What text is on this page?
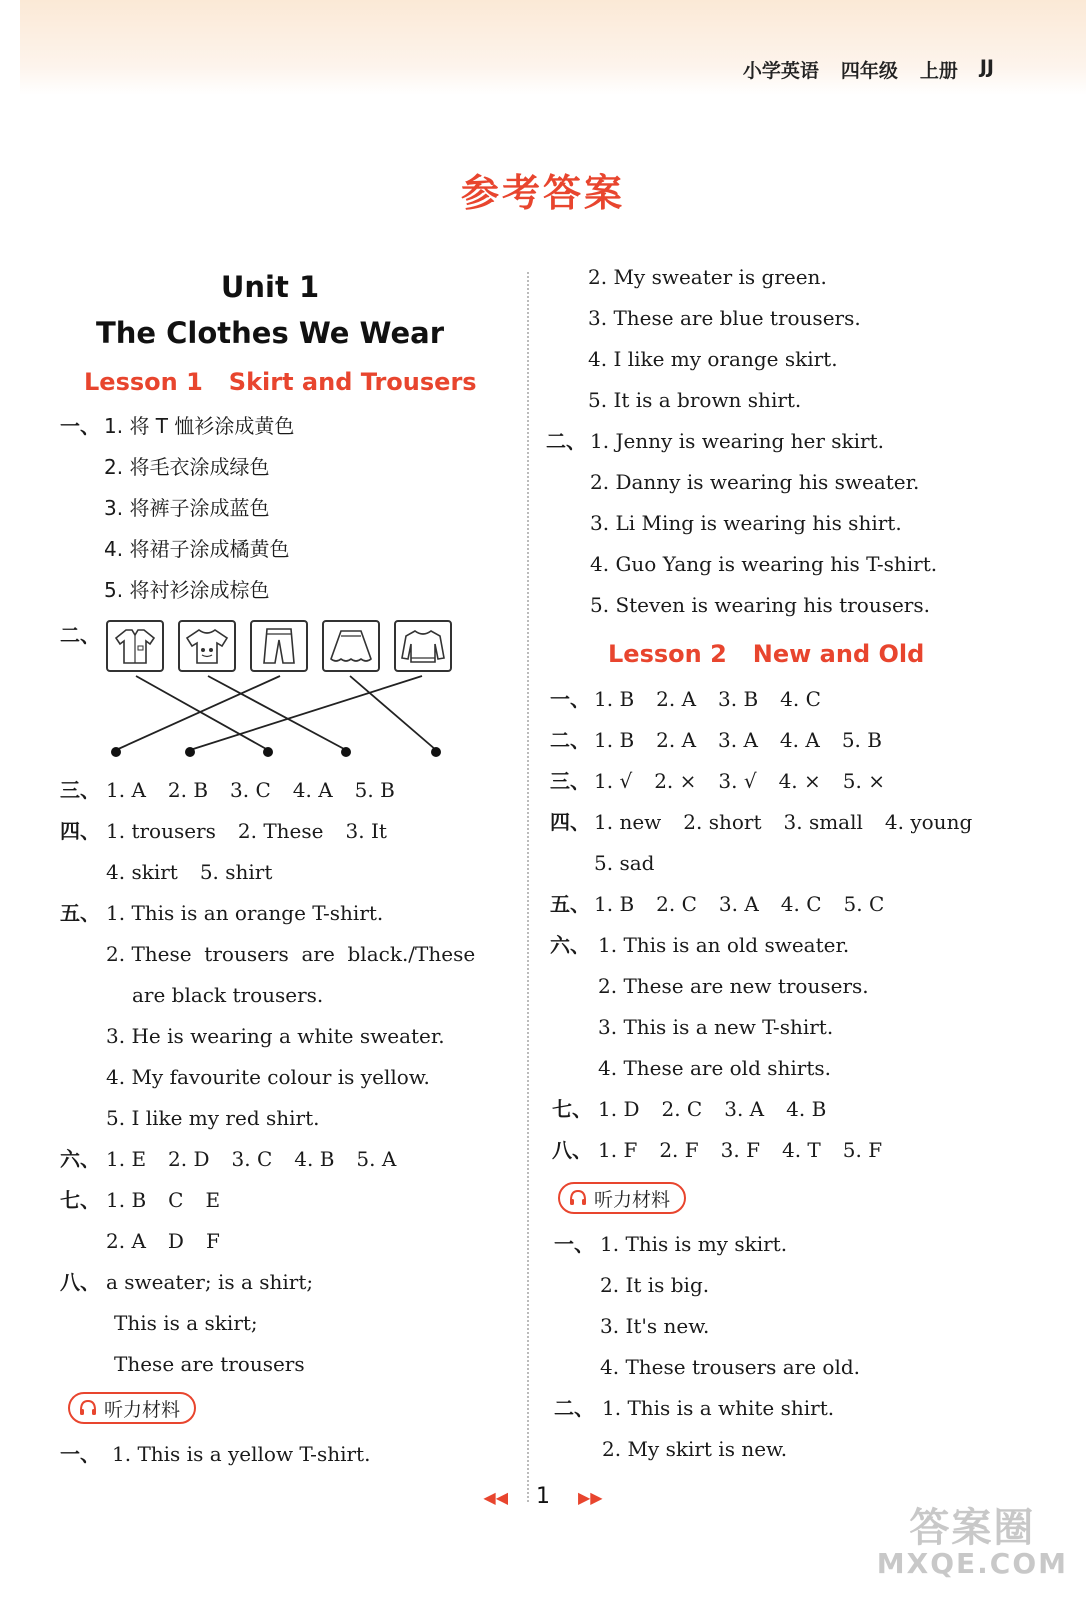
小学英语 四年级 上册 JJ
参考答案
Unit 1
The Clothes We Wear
Lesson 1 Skirt and Trousers
一、 1. 将 T 恤衫涂成黄色
2. 将毛衣涂成绿色
3. 将裤子涂成蓝色
4. 将裙子涂成橘黄色
5. 将衬衫涂成棕色
二、
三、 1. A 2. B 3. C 4. A 5. B
四、 1. trousers 2. These 3. It
4. skirt 5. shirt
五、 1. This is an orange T-shirt.
2. These  trousers  are  black./These
are black trousers.
3. He is wearing a white sweater.
4. My favourite colour is yellow.
5. I like my red shirt.
六、 1. E 2. D 3. C 4. B 5. A
七、 1. B C E
2. A D F
八、 a sweater; is a shirt;
This is a skirt;
These are trousers
听力材料
一、 1. This is a yellow T-shirt.
2. My sweater is green.
3. These are blue trousers.
4. I like my orange skirt.
5. It is a brown shirt.
二、 1. Jenny is wearing her skirt.
2. Danny is wearing his sweater.
3. Li Ming is wearing his shirt.
4. Guo Yang is wearing his T-shirt.
5. Steven is wearing his trousers.
Lesson 2 New and Old
一、 1. B 2. A 3. B 4. C
二、 1. B 2. A 3. A 4. A 5. B
三、 1. √ 2. × 3. √ 4. × 5. ×
四、 1. new 2. short 3. small 4. young
5. sad
五、 1. B 2. C 3. A 4. C 5. C
六、 1. This is an old sweater.
2. These are new trousers.
3. This is a new T-shirt.
4. These are old shirts.
七、 1. D 2. C 3. A 4. B
八、 1. F 2. F 3. F 4. T 5. F
听力材料
一、 1. This is my skirt.
2. It is big.
3. It's new.
4. These trousers are old.
二、 1. This is a white shirt.
2. My skirt is new.
◀◀ 1 ▶▶
答案圈
MXQE.COM
